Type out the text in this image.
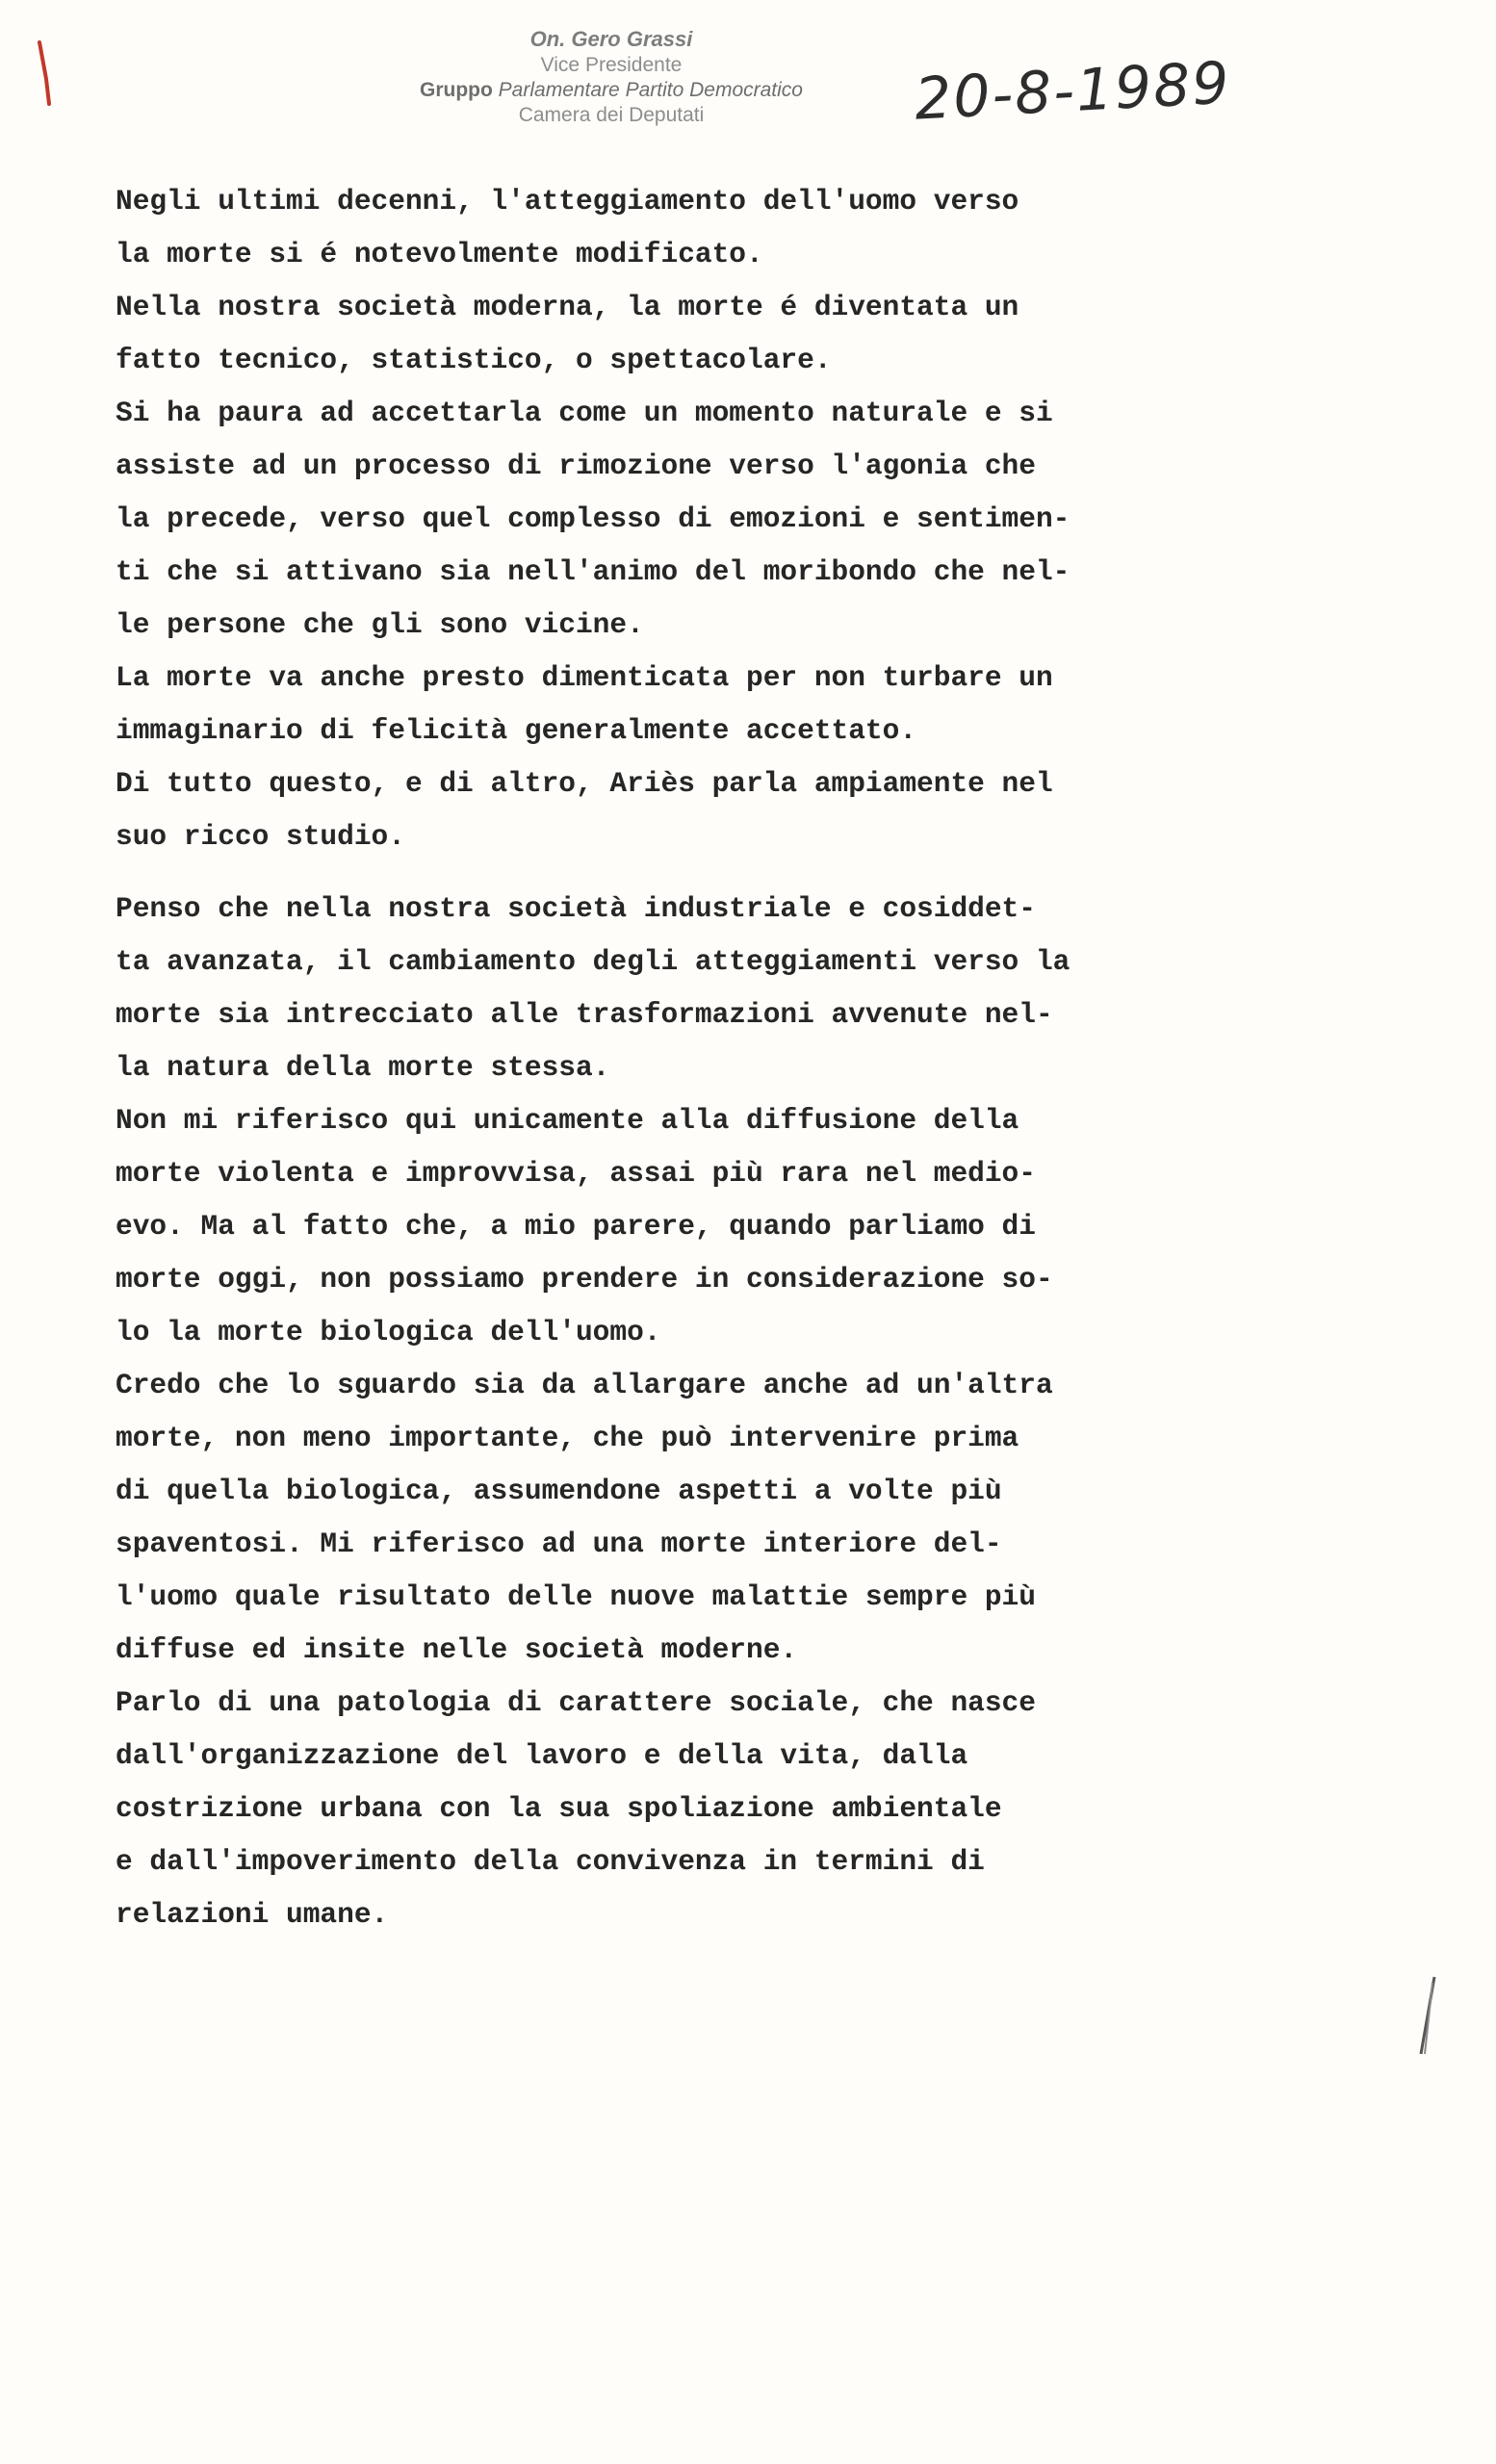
On. Gero Grassi
Vice Presidente
Gruppo Parlamentare Partito Democratico
Camera dei Deputati	20-8-1989
Negli ultimi decenni, l'atteggiamento dell'uomo verso
la morte si é notevolmente modificato.
Nella nostra società moderna, la morte é diventata un
fatto tecnico, statistico, o spettacolare.
Si ha paura ad accettarla come un momento naturale e si
assiste ad un processo di rimozione verso l'agonia che
la precede, verso quel complesso di emozioni e sentimen-
ti che si attivano sia nell'animo del moribondo che nel-
le persone che gli sono vicine.
La morte va anche presto dimenticata per non turbare un
immaginario di felicità generalmente accettato.
Di tutto questo, e di altro, Ariès parla ampiamente nel
suo ricco studio.
Penso che nella nostra società industriale e cosiddet-
ta avanzata, il cambiamento degli atteggiamenti verso la
morte sia intrecciato alle trasformazioni avvenute nel-
la natura della morte stessa.
Non mi riferisco qui unicamente alla diffusione della
morte violenta e improvvisa, assai più rara nel medio-
evo. Ma al fatto che, a mio parere, quando parliamo di
morte oggi, non possiamo prendere in considerazione so-
lo la morte biologica dell'uomo.
Credo che lo sguardo sia da allargare anche ad un'altra
morte, non meno importante, che può intervenire prima
di quella biologica, assumendone aspetti a volte più
spaventosi. Mi riferisco ad una morte interiore del-
l'uomo quale risultato delle nuove malattie sempre più
diffuse ed insite nelle società moderne.
Parlo di una patologia di carattere sociale, che nasce
dall'organizzazione del lavoro e della vita, dalla
costrizione urbana con la sua spoliazione ambientale
e dall'impoverimento della convivenza in termini di
relazioni umane.
